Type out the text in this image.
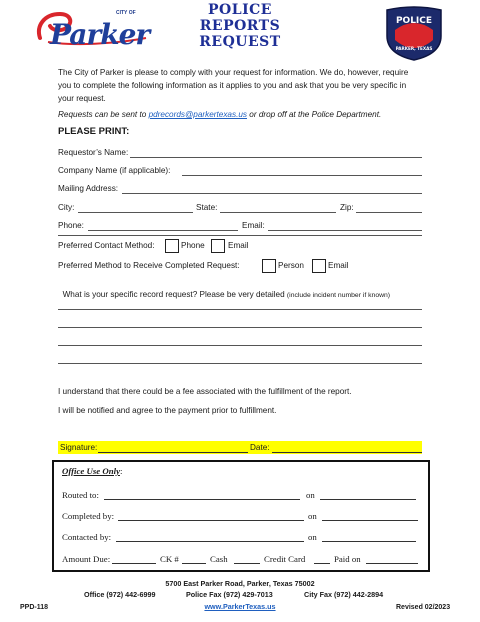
CITY OF
Parker
POLICE
REPORTS
REQUEST
POLICE
PARKER, TEXAS
The City of Parker is please to comply with your request for information. We do, however, require you to complete the following information as it applies to you and ask that you be very specific in your request.
Requests can be sent to pdrecords@parkertexas.us or drop off at the Police Department.
PLEASE PRINT:
Requestor’s Name:
Company Name (if applicable):
Mailing Address:
City:	State:	Zip:
Phone:	Email:
Preferred Contact Method:	Phone	Email
Preferred Method to Receive Completed Request:	Person	Email

What is your specific record request? Please be very detailed (include incident number if known)

I understand that there could be a fee associated with the fulfillment of the report.
I will be notified and agree to the payment prior to fulfillment.
Signature:	Date:
Office Use Only:
Routed to:	on
Completed by:	on
Contacted by:	on
Amount Due:	CK #	Cash	Credit Card	Paid on
5700 East Parker Road, Parker, Texas 75002
Office (972) 442-6999	Police Fax (972) 429-7013	City Fax (972) 442-2894
PPD-118	www.ParkerTexas.us	Revised 02/2023
